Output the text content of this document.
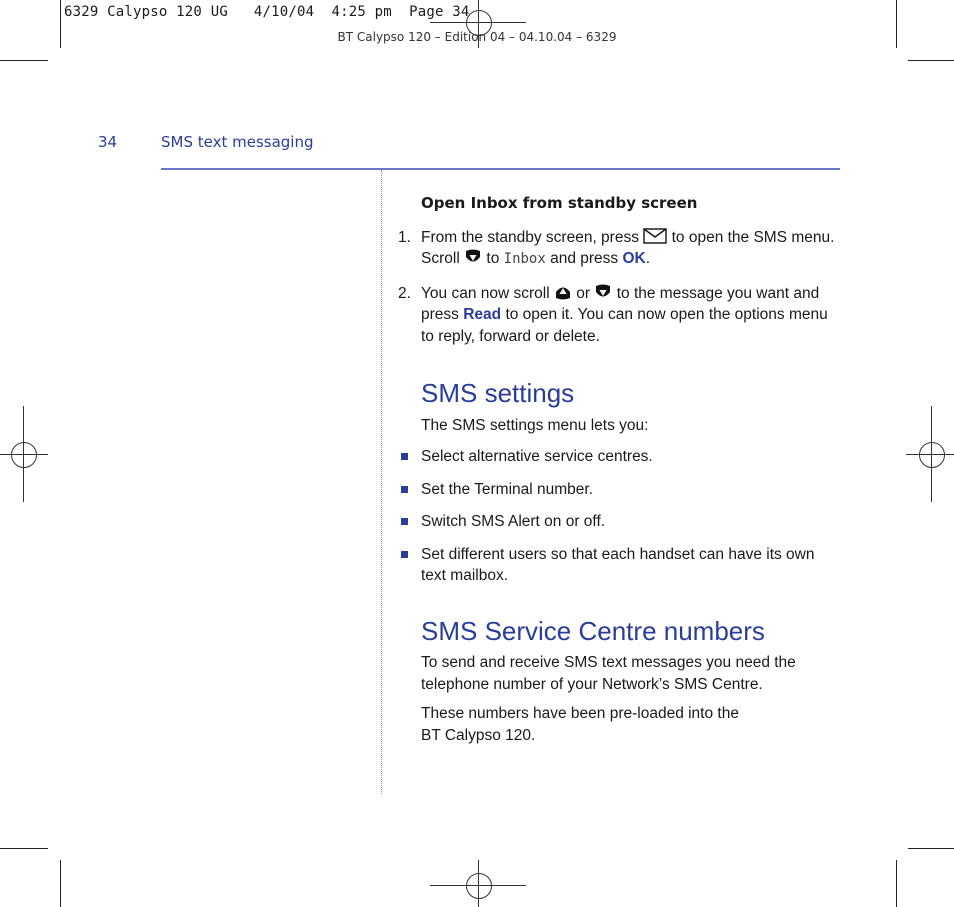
6329 Calypso 120 UG   4/10/04  4:25 pm  Page 34
BT Calypso 120 – Edition 04 – 04.10.04 – 6329
34	SMS text messaging
Open Inbox from standby screen
1. From the standby screen, press to open the SMS menu. Scroll to Inbox and press OK.
2. You can now scroll or to the message you want and press Read to open it. You can now open the options menu to reply, forward or delete.
SMS settings
The SMS settings menu lets you:
Select alternative service centres.
Set the Terminal number.
Switch SMS Alert on or off.
Set different users so that each handset can have its own text mailbox.
SMS Service Centre numbers
To send and receive SMS text messages you need the telephone number of your Network’s SMS Centre.
These numbers have been pre-loaded into the BT Calypso 120.
